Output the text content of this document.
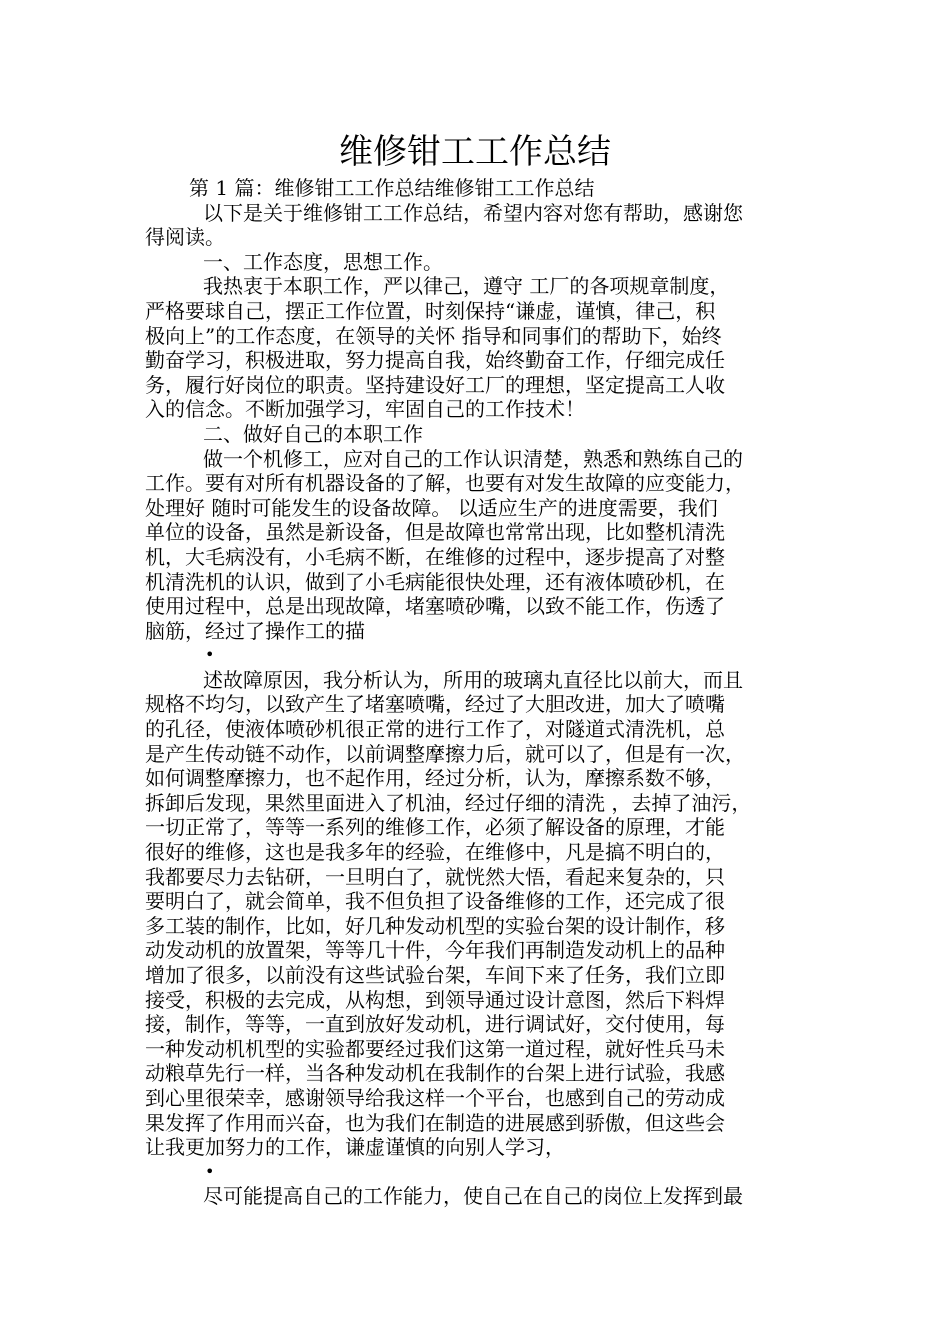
维修钳工工作总结
第 1 篇：维修钳工工作总结维修钳工工作总结
以下是关于维修钳工工作总结，希望内容对您有帮助，感谢您
得阅读。
一、工作态度，思想工作。
我热衷于本职工作，严以律己，遵守 工厂的各项规章制度，
严格要球自己，摆正工作位置，时刻保持“谦虚，谨慎，律己，积
极向上”的工作态度，在领导的关怀 指导和同事们的帮助下，始终
勤奋学习，积极进取，努力提高自我，始终勤奋工作，仔细完成任
务，履行好岗位的职责。坚持建设好工厂的理想，坚定提高工人收
入的信念。不断加强学习，牢固自己的工作技术！
二、做好自己的本职工作
做一个机修工，应对自己的工作认识清楚，熟悉和熟练自己的
工作。要有对所有机器设备的了解，也要有对发生故障的应变能力，
处理好 随时可能发生的设备故障。 以适应生产的进度需要，我们
单位的设备，虽然是新设备，但是故障也常常出现，比如整机清洗
机，大毛病没有，小毛病不断，在维修的过程中，逐步提高了对整
机清洗机的认识，做到了小毛病能很快处理，还有液体喷砂机，在
使用过程中，总是出现故障，堵塞喷砂嘴，以致不能工作，伤透了
脑筋，经过了操作工的描
•
述故障原因，我分析认为，所用的玻璃丸直径比以前大，而且
规格不均匀，以致产生了堵塞喷嘴，经过了大胆改进，加大了喷嘴
的孔径，使液体喷砂机很正常的进行工作了，对隧道式清洗机，总
是产生传动链不动作，以前调整摩擦力后，就可以了，但是有一次，
如何调整摩擦力，也不起作用，经过分析，认为，摩擦系数不够，
拆卸后发现，果然里面进入了机油，经过仔细的清洗 ，去掉了油污，
一切正常了，等等一系列的维修工作，必须了解设备的原理，才能
很好的维修，这也是我多年的经验，在维修中，凡是搞不明白的，
我都要尽力去钻研，一旦明白了，就恍然大悟，看起来复杂的，只
要明白了，就会简单，我不但负担了设备维修的工作，还完成了很
多工装的制作，比如，好几种发动机型的实验台架的设计制作，移
动发动机的放置架，等等几十件，今年我们再制造发动机上的品种
增加了很多，以前没有这些试验台架，车间下来了任务，我们立即
接受，积极的去完成，从构想，到领导通过设计意图，然后下料焊
接，制作，等等，一直到放好发动机，进行调试好，交付使用，每
一种发动机机型的实验都要经过我们这第一道过程，就好性兵马未
动粮草先行一样，当各种发动机在我制作的台架上进行试验，我感
到心里很荣幸，感谢领导给我这样一个平台，也感到自己的劳动成
果发挥了作用而兴奋，也为我们在制造的进展感到骄傲，但这些会
让我更加努力的工作，谦虚谨慎的向别人学习，
•
尽可能提高自己的工作能力，使自己在自己的岗位上发挥到最
